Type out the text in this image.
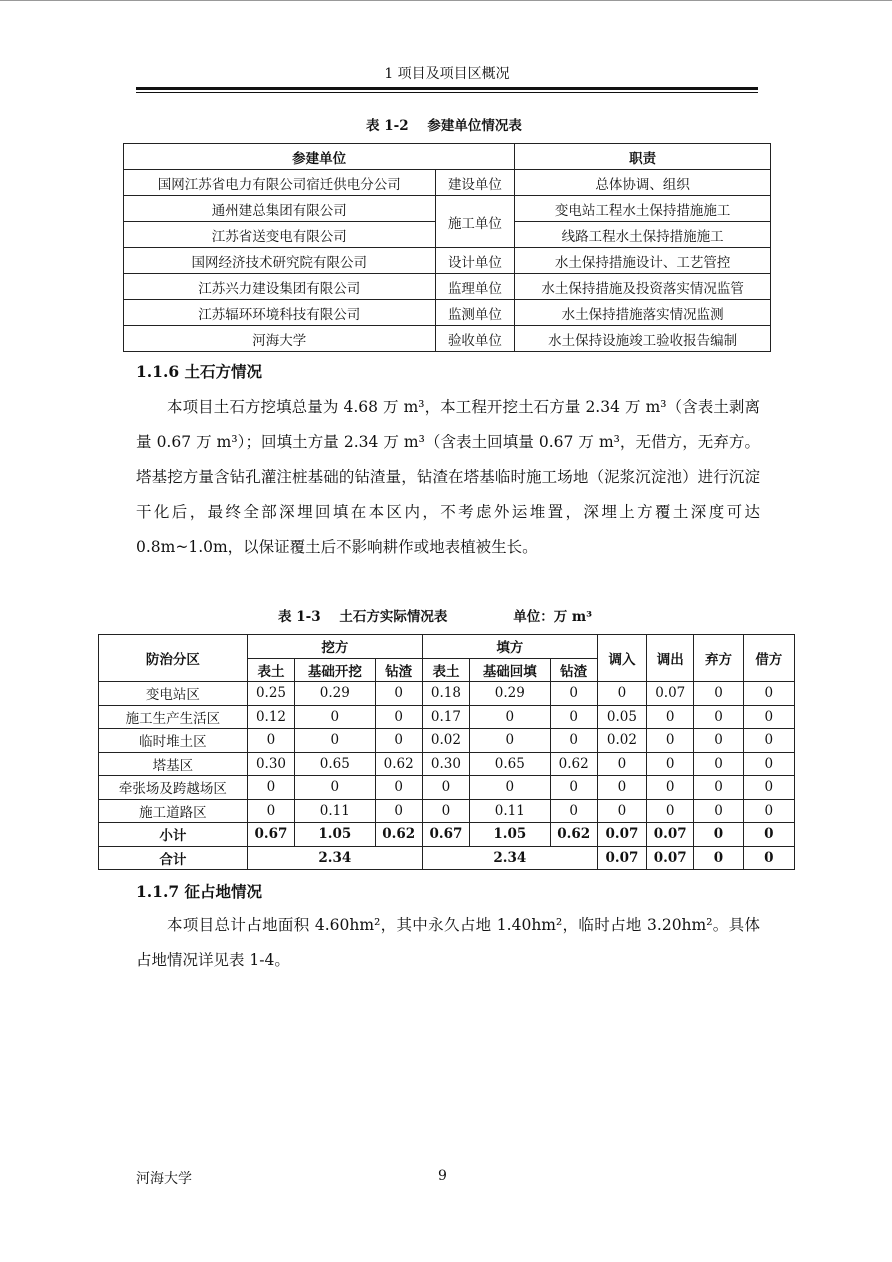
1 项目及项目区概况
表 1-2    参建单位情况表
参建单位		职责
国网江苏省电力有限公司宿迁供电分公司	建设单位	总体协调、组织
通州建总集团有限公司	施工单位	变电站工程水土保持措施施工
江苏省送变电有限公司		线路工程水土保持措施施工
国网经济技术研究院有限公司	设计单位	水土保持措施设计、工艺管控
江苏兴力建设集团有限公司	监理单位	水土保持措施及投资落实情况监管
江苏辐环环境科技有限公司	监测单位	水土保持措施落实情况监测
河海大学	验收单位	水土保持设施竣工验收报告编制
1.1.6 土石方情况

本项目土石方挖填总量为 4.68 万 m³，本工程开挖土石方量 2.34 万 m³（含表土剥离量 0.67 万 m³）；回填土方量 2.34 万 m³（含表土回填量 0.67 万 m³，无借方，无弃方。塔基挖方量含钻孔灌注桩基础的钻渣量，钻渣在塔基临时施工场地（泥浆沉淀池）进行沉淀干化后，最终全部深埋回填在本区内，不考虑外运堆置，深埋上方覆土深度可达 0.8m~1.0m，以保证覆土后不影响耕作或地表植被生长。

表 1-3    土石方实际情况表              单位：万 m³
防治分区	挖方			填方			调入	调出	弃方	借方
	表土	基础开挖	钻渣	表土	基础回填	钻渣				
变电站区	0.25	0.29	0	0.18	0.29	0	0	0.07	0	0
施工生产生活区	0.12	0	0	0.17	0	0	0.05	0	0	0
临时堆土区	0	0	0	0.02	0	0	0.02	0	0	0
塔基区	0.30	0.65	0.62	0.30	0.65	0.62	0	0	0	0
牵张场及跨越场区	0	0	0	0	0	0	0	0	0	0
施工道路区	0	0.11	0	0	0.11	0	0	0	0	0
小计	0.67	1.05	0.62	0.67	1.05	0.62	0.07	0.07	0	0
合计	2.34			2.34			0.07	0.07	0	0
1.1.7 征占地情况

本项目总计占地面积 4.60hm²，其中永久占地 1.40hm²，临时占地 3.20hm²。具体占地情况详见表 1-4。

河海大学	9
